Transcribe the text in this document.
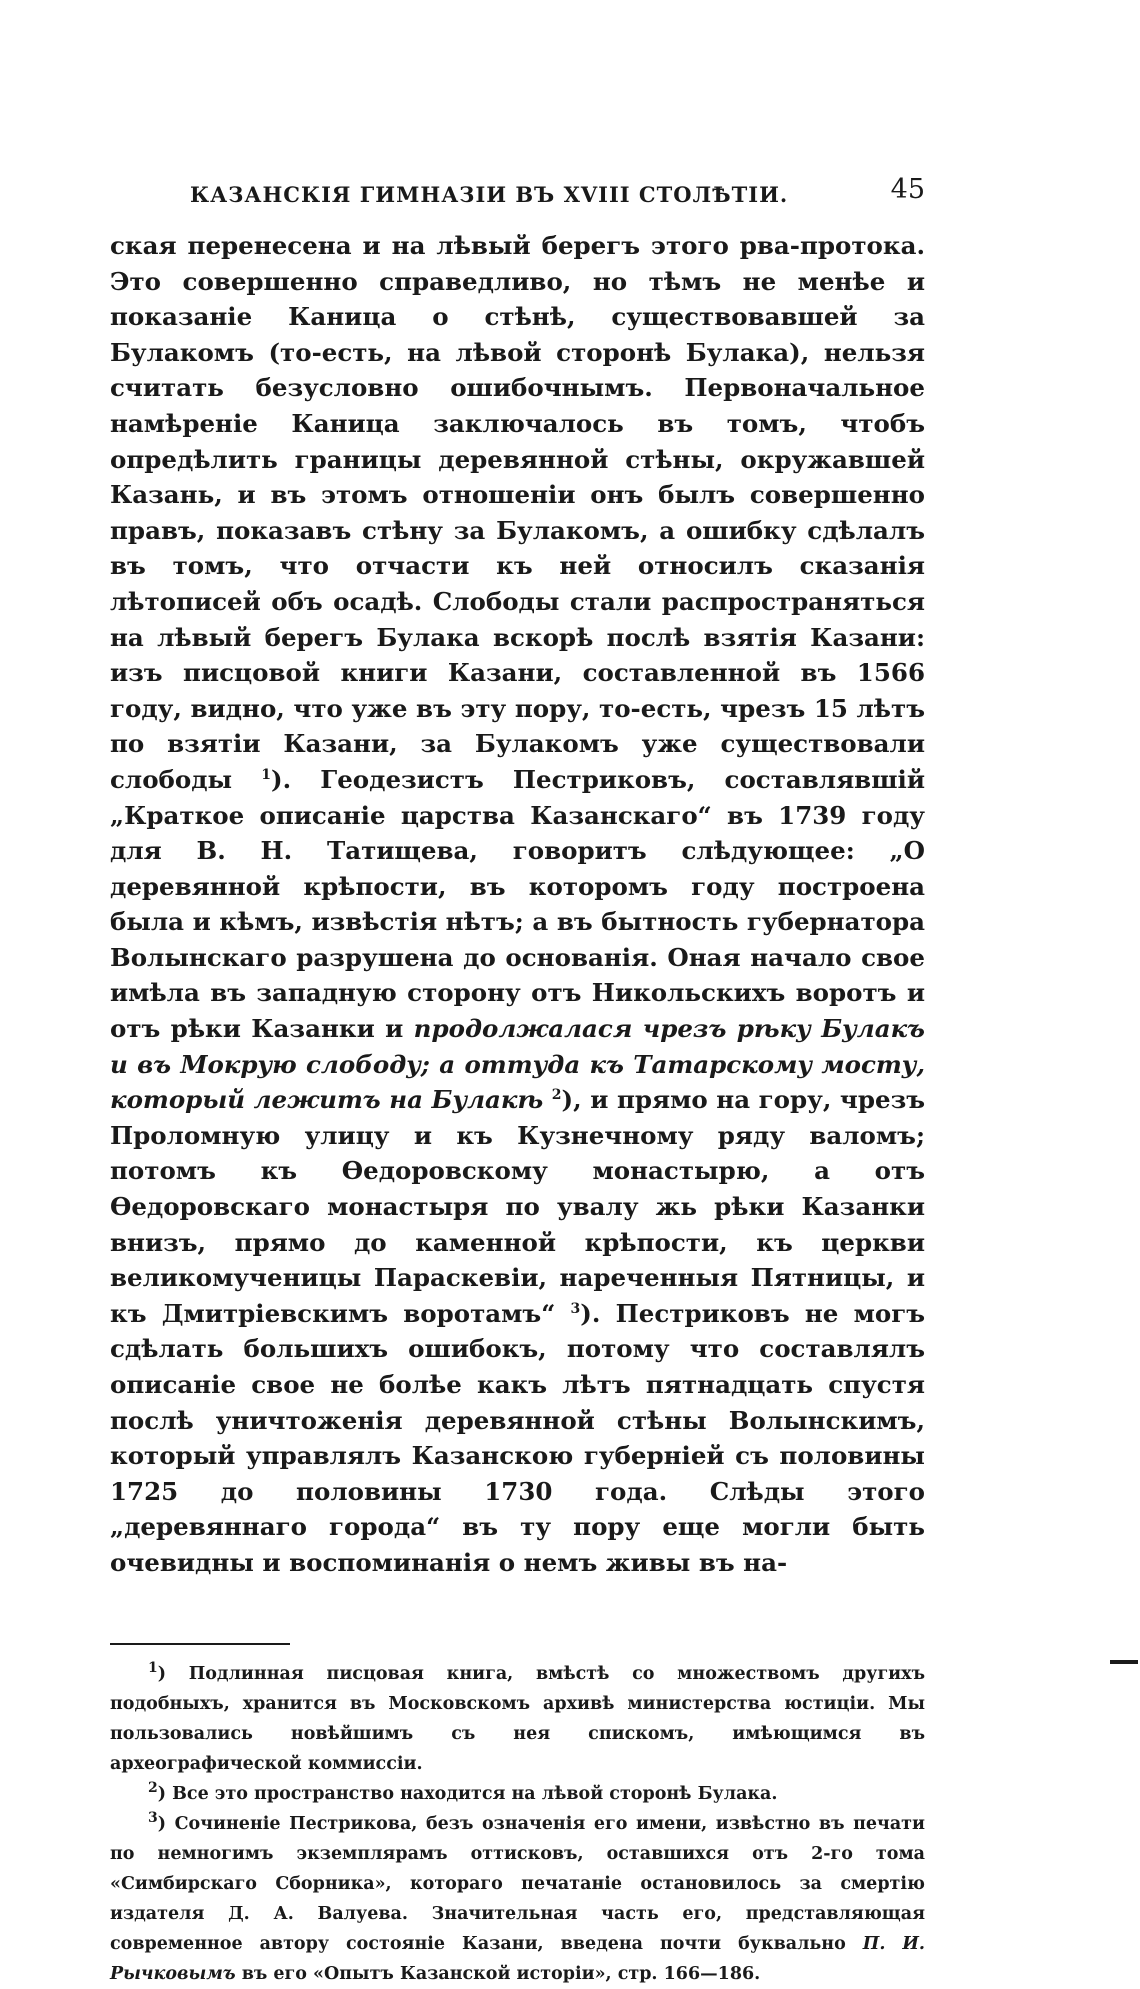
КАЗАНСКІЯ ГИМНАЗІИ ВЪ XVIII СТОЛѢТІИ.	45

ская перенесена и на лѣвый берегъ этого рва-протока. Это совершенно справедливо, но тѣмъ не менѣе и показаніе Каница о стѣнѣ, существовавшей за Булакомъ (то-есть, на лѣвой сторонѣ Булака), нельзя считать безусловно ошибочнымъ. Первоначальное намѣреніе Каница заключалось въ томъ, чтобъ опредѣлить границы деревянной стѣны, окружавшей Казань, и въ этомъ отношеніи онъ былъ совершенно правъ, показавъ стѣну за Булакомъ, а ошибку сдѣлалъ въ томъ, что отчасти къ ней относилъ сказанія лѣтописей объ осадѣ. Слободы стали распространяться на лѣвый берегъ Булака вскорѣ послѣ взятія Казани: изъ писцовой книги Казани, составленной въ 1566 году, видно, что уже въ эту пору, то-есть, чрезъ 15 лѣтъ по взятіи Казани, за Булакомъ уже существовали слободы $^1$). Геодезистъ Пестриковъ, составлявшій „Краткое описаніе царства Казанскаго“ въ 1739 году для В. Н. Татищева, говоритъ слѣдующее: „О деревянной крѣпости, въ которомъ году построена была и кѣмъ, извѣстія нѣтъ; а въ бытность губернатора Волынскаго разрушена до основанія. Оная начало свое имѣла въ западную сторону отъ Никольскихъ воротъ и отъ рѣки Казанки и продолжалася чрезъ рѣку Булакъ и въ Мокрую слободу; а оттуда къ Татарскому мосту, который лежитъ на Булакѣ $^2$), и прямо на гору, чрезъ Проломную улицу и къ Кузнечному ряду валомъ; потомъ къ Ѳедоровскому монастырю, а отъ Ѳедоровскаго монастыря по увалу жь рѣки Казанки внизъ, прямо до каменной крѣпости, къ церкви великомученицы Параскевіи, нареченныя Пятницы, и къ Дмитріевскимъ воротамъ“ $^3$). Пестриковъ не могъ сдѣлать большихъ ошибокъ, потому что составлялъ описаніе свое не болѣе какъ лѣтъ пятнадцать спустя послѣ уничтоженія деревянной стѣны Волынскимъ, который управлялъ Казанскою губерніей съ половины 1725 до половины 1730 года. Слѣды этого „деревяннаго города“ въ ту пору еще могли быть очевидны и воспоминанія о немъ живы въ на-

$^1$) Подлинная писцовая книга, вмѣстѣ со множествомъ другихъ подобныхъ, хранится въ Московскомъ архивѣ министерства юстиціи. Мы пользовались новѣйшимъ съ нея спискомъ, имѣющимся въ археографической коммиссіи.

$^2$) Все это пространство находится на лѣвой сторонѣ Булака.

$^3$) Сочиненіе Пестрикова, безъ означенія его имени, извѣстно въ печати по немногимъ экземплярамъ оттисковъ, оставшихся отъ 2-го тома «Симбирскаго Сборника», котораго печатаніе остановилось за смертію издателя Д. А. Валуева. Значительная часть его, представляющая современное автору состояніе Казани, введена почти буквально П. И. Рычковымъ въ его «Опытъ Казанской исторіи», стр. 166—186.
